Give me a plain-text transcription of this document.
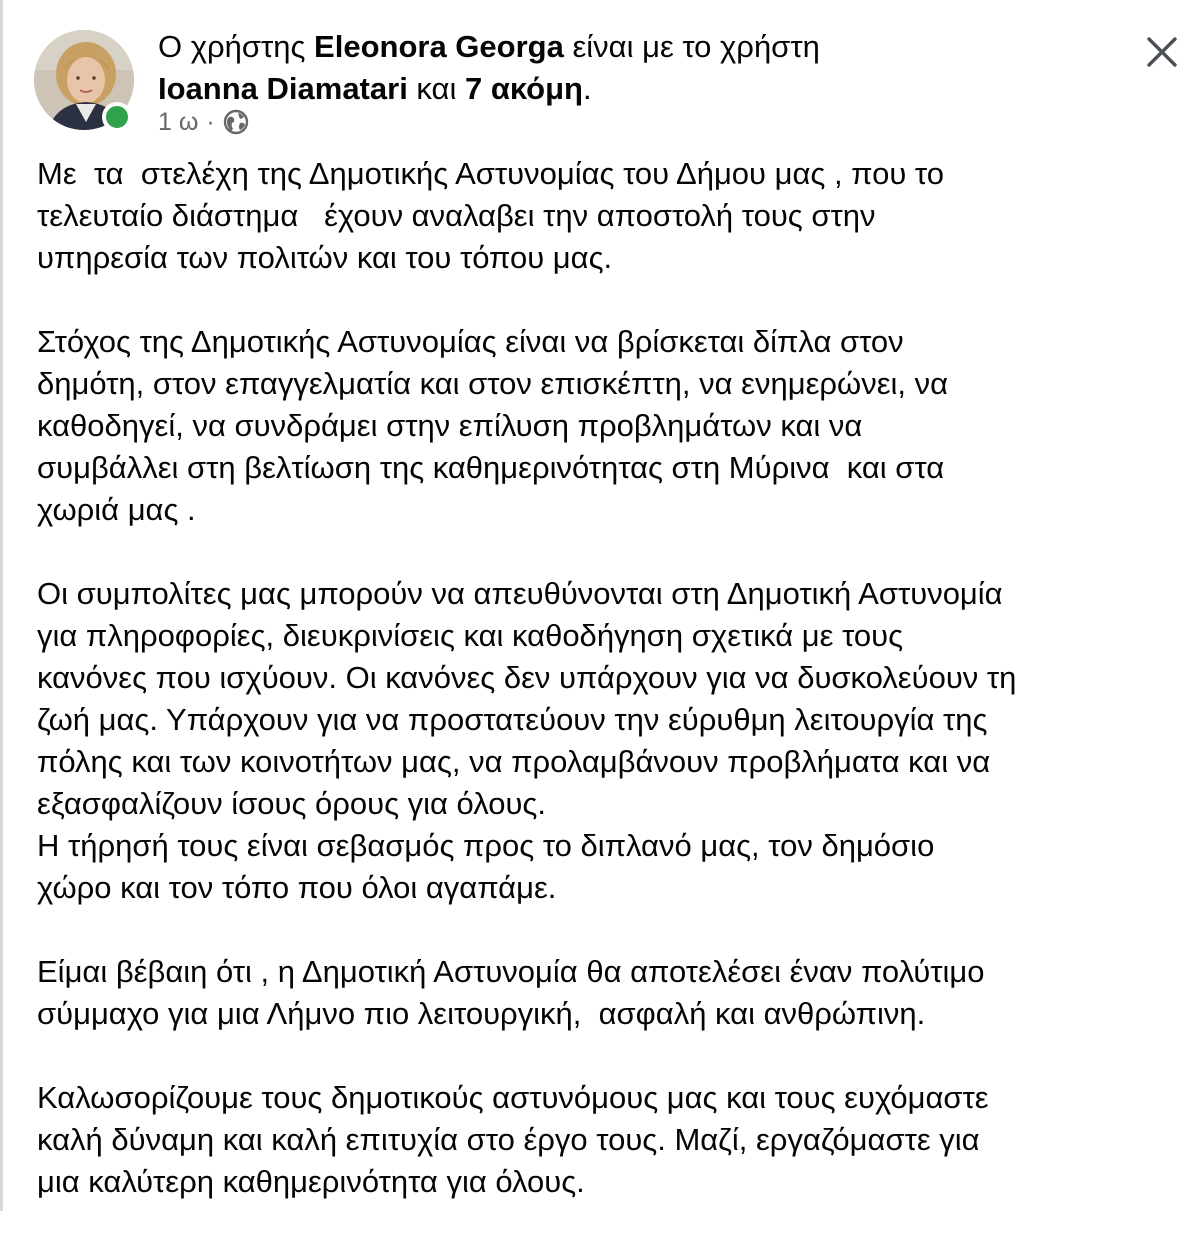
Ο χρήστης Eleonora Georga είναι με το χρήστη
Ioanna Diamatari και 7 ακόμη.
1 ω ·
Με  τα  στελέχη της Δημοτικής Αστυνομίας του Δήμου μας , που το
τελευταίο διάστημα   έχουν αναλαβει την αποστολή τους στην
υπηρεσία των πολιτών και του τόπου μας.
Στόχος της Δημοτικής Αστυνομίας είναι να βρίσκεται δίπλα στον
δημότη, στον επαγγελματία και στον επισκέπτη, να ενημερώνει, να
καθοδηγεί, να συνδράμει στην επίλυση προβλημάτων και να
συμβάλλει στη βελτίωση της καθημερινότητας στη Μύρινα  και στα
χωριά μας .
Οι συμπολίτες μας μπορούν να απευθύνονται στη Δημοτική Αστυνομία
για πληροφορίες, διευκρινίσεις και καθοδήγηση σχετικά με τους
κανόνες που ισχύουν. Οι κανόνες δεν υπάρχουν για να δυσκολεύουν τη
ζωή μας. Υπάρχουν για να προστατεύουν την εύρυθμη λειτουργία της
πόλης και των κοινοτήτων μας, να προλαμβάνουν προβλήματα και να
εξασφαλίζουν ίσους όρους για όλους.
Η τήρησή τους είναι σεβασμός προς το διπλανό μας, τον δημόσιο
χώρο και τον τόπο που όλοι αγαπάμε.
Είμαι βέβαιη ότι , η Δημοτική Αστυνομία θα αποτελέσει έναν πολύτιμο
σύμμαχο για μια Λήμνο πιο λειτουργική,  ασφαλή και ανθρώπινη.
Καλωσορίζουμε τους δημοτικούς αστυνόμους μας και τους ευχόμαστε
καλή δύναμη και καλή επιτυχία στο έργο τους. Μαζί, εργαζόμαστε για
μια καλύτερη καθημερινότητα για όλους.
